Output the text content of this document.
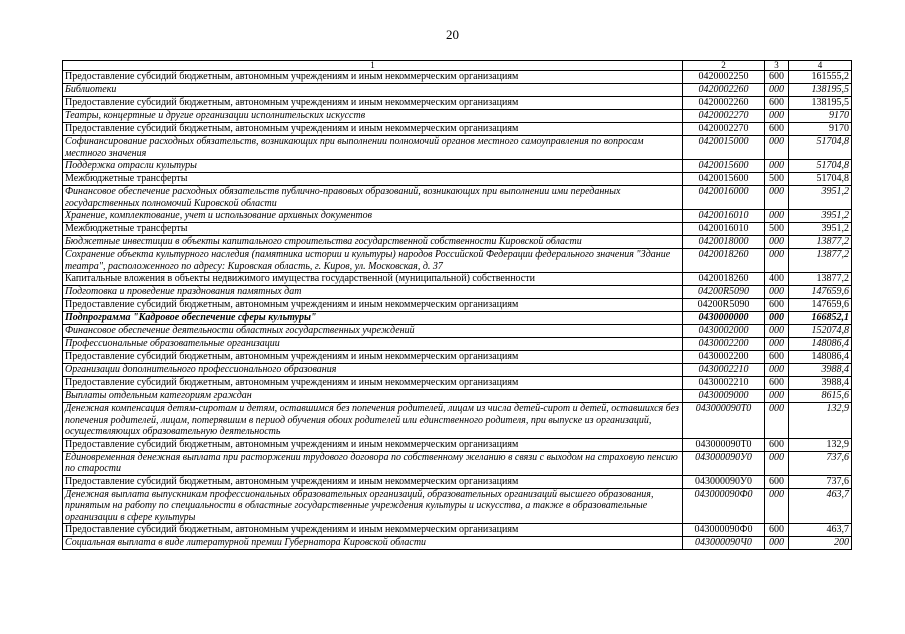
20
1	2	3	4
Предоставление субсидий бюджетным, автономным учреждениям и иным некоммерческим организациям	0420002250	600	161555,2
Библиотеки	0420002260	000	138195,5
Предоставление субсидий бюджетным, автономным учреждениям и иным некоммерческим организациям	0420002260	600	138195,5
Театры, концертные и другие организации исполнительских искусств	0420002270	000	9170
Предоставление субсидий бюджетным, автономным учреждениям и иным некоммерческим организациям	0420002270	600	9170
Софинансирование расходных обязательств, возникающих при выполнении полномочий органов местного самоуправления по вопросам местного значения	0420015000	000	51704,8
Поддержка отрасли культуры	0420015600	000	51704,8
Межбюджетные трансферты	0420015600	500	51704,8
Финансовое обеспечение расходных обязательств публично-правовых образований, возникающих при выполнении ими переданных государственных полномочий Кировской области	0420016000	000	3951,2
Хранение, комплектование, учет и использование архивных документов	0420016010	000	3951,2
Межбюджетные трансферты	0420016010	500	3951,2
Бюджетные инвестиции в объекты капитального строительства государственной собственности Кировской области	0420018000	000	13877,2
Сохранение объекта культурного наследия (памятника истории и культуры) народов Российской Федерации федерального значения "Здание театра", расположенного по адресу: Кировская область, г. Киров, ул. Московская, д. 37	0420018260	000	13877,2
Капитальные вложения в объекты недвижимого имущества государственной (муниципальной) собственности	0420018260	400	13877,2
Подготовка и проведение празднования памятных дат	04200R5090	000	147659,6
Предоставление субсидий бюджетным, автономным учреждениям и иным некоммерческим организациям	04200R5090	600	147659,6
Подпрограмма "Кадровое обеспечение сферы культуры"	0430000000	000	166852,1
Финансовое обеспечение деятельности областных государственных учреждений	0430002000	000	152074,8
Профессиональные образовательные организации	0430002200	000	148086,4
Предоставление субсидий бюджетным, автономным учреждениям и иным некоммерческим организациям	0430002200	600	148086,4
Организации дополнительного профессионального образования	0430002210	000	3988,4
Предоставление субсидий бюджетным, автономным учреждениям и иным некоммерческим организациям	0430002210	600	3988,4
Выплаты отдельным категориям граждан	0430009000	000	8615,6
Денежная компенсация детям-сиротам и детям, оставшимся без попечения родителей, лицам из числа детей-сирот и детей, оставшихся без попечения родителей, лицам, потерявшим в период обучения обоих родителей или единственного родителя, при выпуске из организаций, осуществляющих образовательную деятельность	043000090Т0	000	132,9
Предоставление субсидий бюджетным, автономным учреждениям и иным некоммерческим организациям	043000090Т0	600	132,9
Единовременная денежная выплата при расторжении трудового договора по собственному желанию в связи с выходом на страховую пенсию по старости	043000090У0	000	737,6
Предоставление субсидий бюджетным, автономным учреждениям и иным некоммерческим организациям	043000090У0	600	737,6
Денежная выплата выпускникам профессиональных образовательных организаций, образовательных организаций высшего образования, принятым на работу по специальности в областные государственные учреждения культуры и искусства, а также в образовательные организации в сфере культуры	043000090Ф0	000	463,7
Предоставление субсидий бюджетным, автономным учреждениям и иным некоммерческим организациям	043000090Ф0	600	463,7
Социальная выплата в виде литературной премии Губернатора Кировской области	043000090Ч0	000	200
